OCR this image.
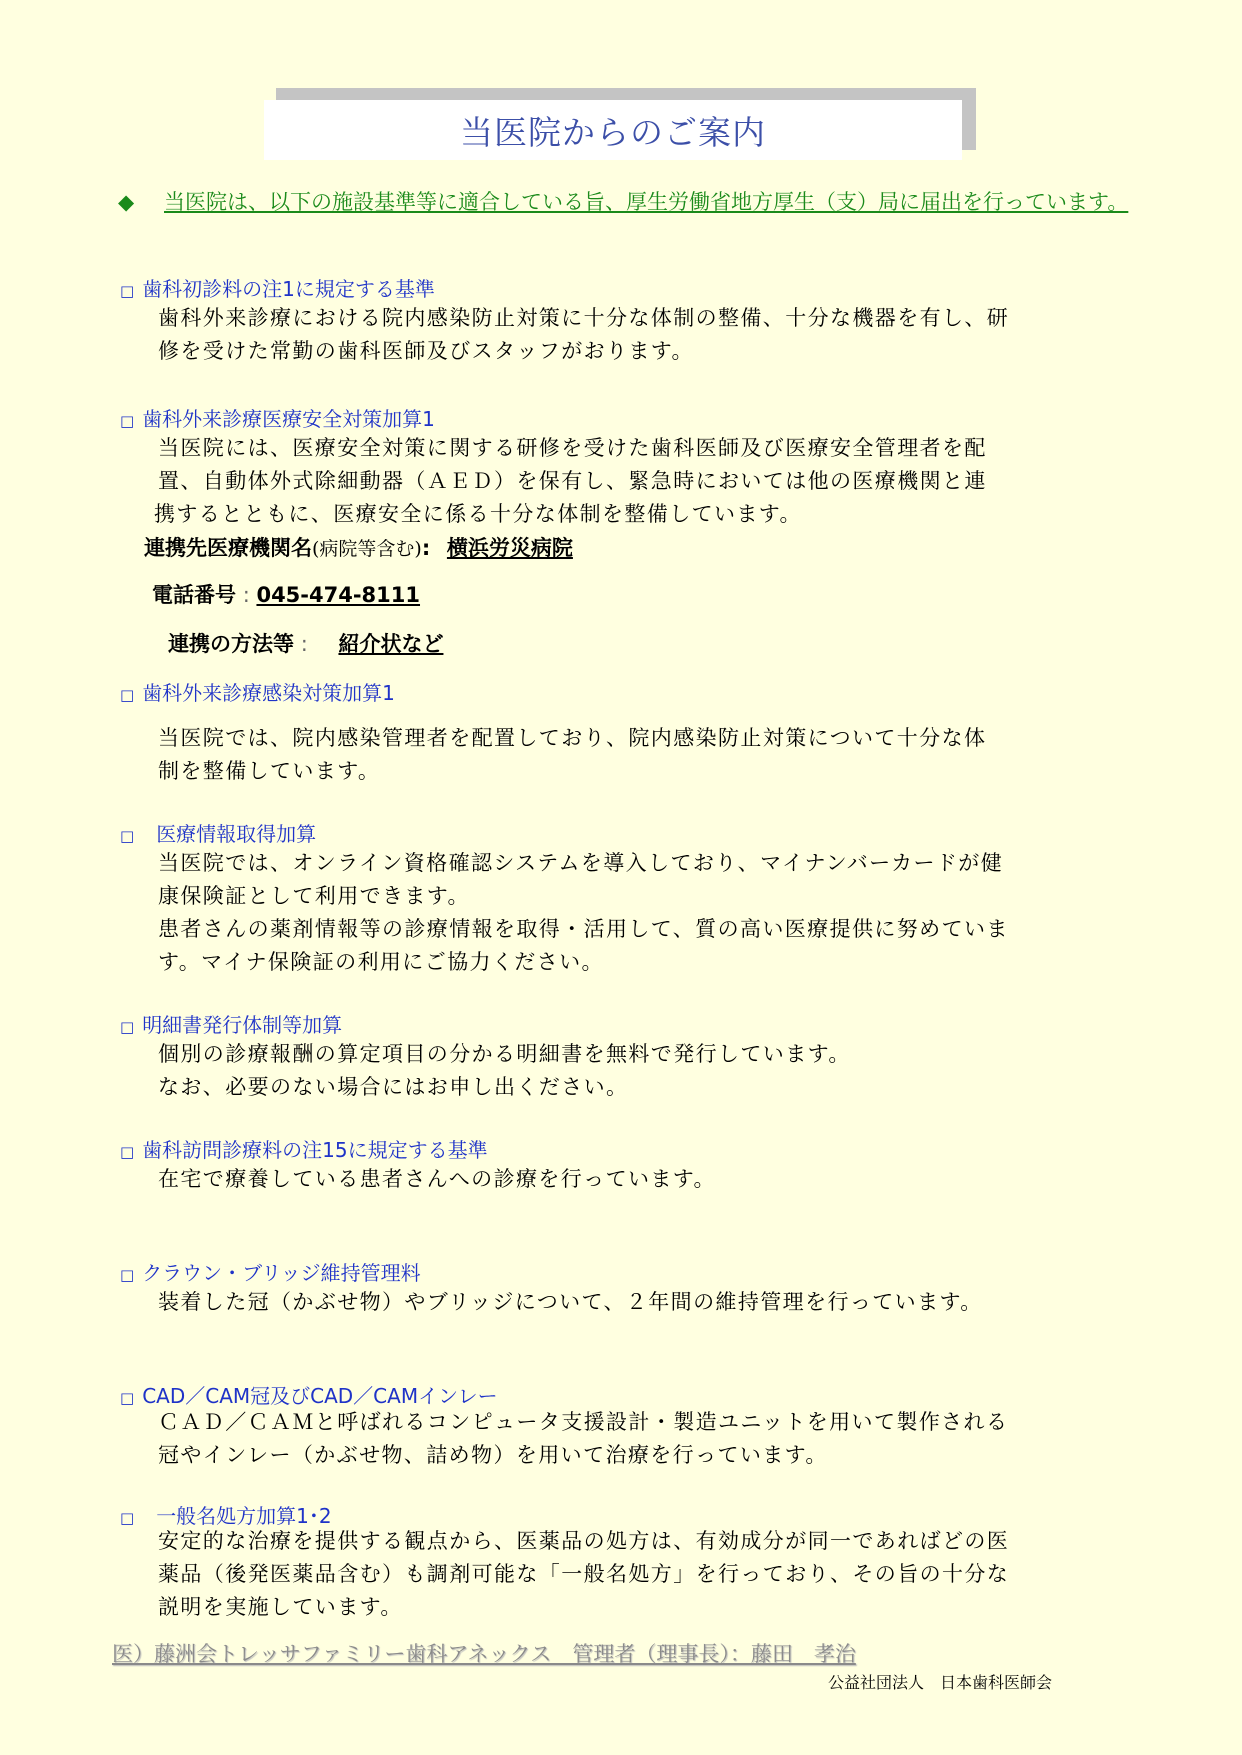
当医院からのご案内
◆	当医院は、以下の施設基準等に適合している旨、厚生労働省地方厚生（支）局に届出を行っています。
□ 歯科初診料の注1に規定する基準
歯科外来診療における院内感染防止対策に十分な体制の整備、十分な機器を有し、研
修を受けた常勤の歯科医師及びスタッフがおります。
□ 歯科外来診療医療安全対策加算1
当医院には、医療安全対策に関する研修を受けた歯科医師及び医療安全管理者を配
置、自動体外式除細動器（ＡＥＤ）を保有し、緊急時においては他の医療機関と連
携するとともに、医療安全に係る十分な体制を整備しています。
連携先医療機関名(病院等含む): 横浜労災病院
電話番号 : 045-474-8111
連携の方法等 : 紹介状など
□ 歯科外来診療感染対策加算1
当医院では、院内感染管理者を配置しており、院内感染防止対策について十分な体
制を整備しています。
□ 医療情報取得加算
当医院では、オンライン資格確認システムを導入しており、マイナンバーカードが健
康保険証として利用できます。
患者さんの薬剤情報等の診療情報を取得・活用して、質の高い医療提供に努めていま
す。マイナ保険証の利用にご協力ください。
□ 明細書発行体制等加算
個別の診療報酬の算定項目の分かる明細書を無料で発行しています。
なお、必要のない場合にはお申し出ください。
□ 歯科訪問診療料の注15に規定する基準
在宅で療養している患者さんへの診療を行っています。
□ クラウン・ブリッジ維持管理料
装着した冠（かぶせ物）やブリッジについて、２年間の維持管理を行っています。
□ CAD／CAM冠及びCAD／CAMインレー
ＣＡＤ／ＣＡＭと呼ばれるコンピュータ支援設計・製造ユニットを用いて製作される
冠やインレー（かぶせ物、詰め物）を用いて治療を行っています。
□ 一般名処方加算1･2
安定的な治療を提供する観点から、医薬品の処方は、有効成分が同一であればどの医
薬品（後発医薬品含む）も調剤可能な「一般名処方」を行っており、その旨の十分な
説明を実施しています。
医）藤洲会トレッサファミリー歯科アネックス　管理者（理事長）：藤田　孝治
公益社団法人　日本歯科医師会
